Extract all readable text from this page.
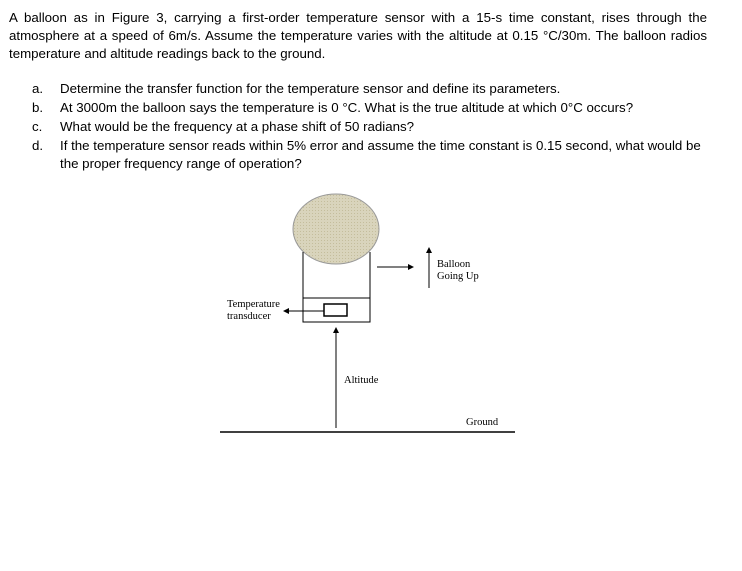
A balloon as in Figure 3, carrying a first-order temperature sensor with a 15-s time constant, rises through the atmosphere at a speed of 6m/s. Assume the temperature varies with the altitude at 0.15 °C/30m. The balloon radios temperature and altitude readings back to the ground.

a.	Determine the transfer function for the temperature sensor and define its parameters.
b.	At 3000m the balloon says the temperature is 0 °C. What is the true altitude at which 0°C occurs?
c.	What would be the frequency at a phase shift of 50 radians?
d.	If the temperature sensor reads within 5% error and assume the time constant is 0.15 second, what would be the proper frequency range of operation?
Temperature
transducer
Balloon
Going Up
Altitude
Ground
